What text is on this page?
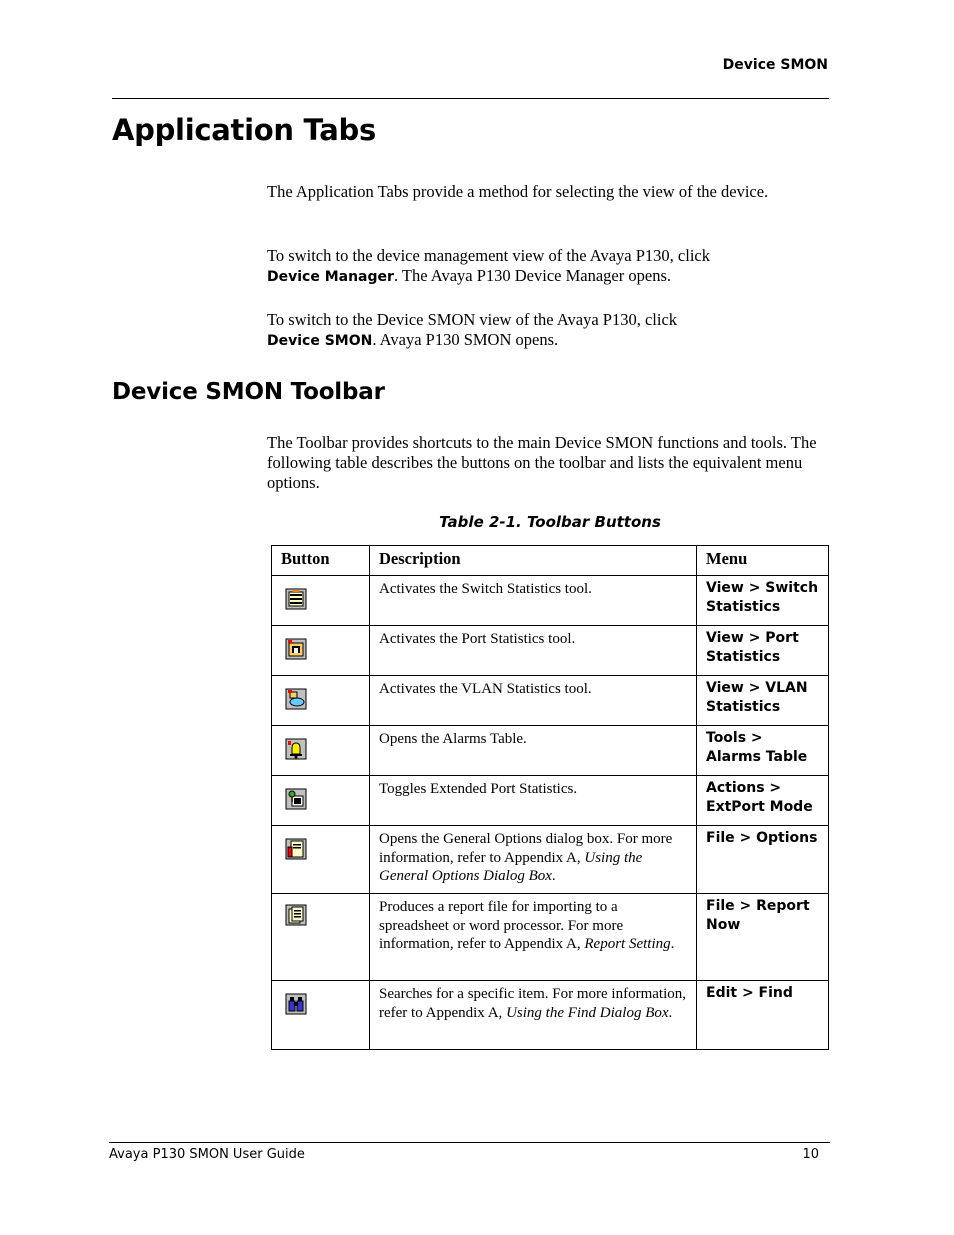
Device SMON
Application Tabs

The Application Tabs provide a method for selecting the view of the device.

To switch to the device management view of the Avaya P130, click
Device Manager. The Avaya P130 Device Manager opens.

To switch to the Device SMON view of the Avaya P130, click
Device SMON. Avaya P130 SMON opens.

Device SMON Toolbar

The Toolbar provides shortcuts to the main Device SMON functions and tools. The following table describes the buttons on the toolbar and lists the equivalent menu options.

Table 2-1. Toolbar Buttons
Button	Description	Menu

Activates the Switch Statistics tool.	View > Switch Statistics

Activates the Port Statistics tool.	View > Port Statistics

Activates the VLAN Statistics tool.	View > VLAN Statistics

Opens the Alarms Table.	Tools > Alarms Table

Toggles Extended Port Statistics.	Actions > ExtPort Mode

Opens the General Options dialog box. For more information, refer to Appendix A, Using the General Options Dialog Box.	File > Options

Produces a report file for importing to a spreadsheet or word processor. For more information, refer to Appendix A, Report Setting.	File > Report Now

Searches for a specific item. For more information, refer to Appendix A, Using the Find Dialog Box.	Edit > Find
Avaya P130 SMON User Guide	10
